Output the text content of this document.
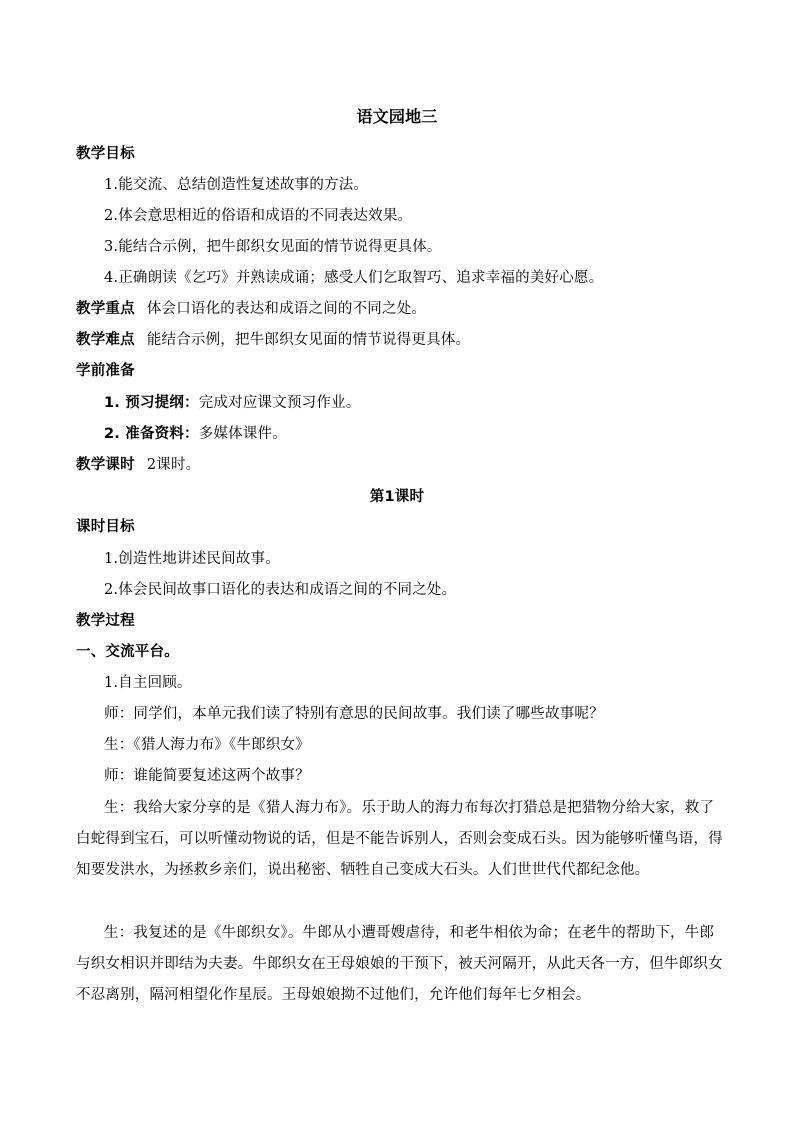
语文园地三
教学目标
1.能交流、总结创造性复述故事的方法。
2.体会意思相近的俗语和成语的不同表达效果。
3.能结合示例，把牛郎织女见面的情节说得更具体。
4.正确朗读《乞巧》并熟读成诵；感受人们乞取智巧、追求幸福的美好心愿。
教学重点 体会口语化的表达和成语之间的不同之处。
教学难点 能结合示例，把牛郎织女见面的情节说得更具体。
学前准备
1. 预习提纲：完成对应课文预习作业。
2. 准备资料：多媒体课件。
教学课时 2课时。
第1课时
课时目标
1.创造性地讲述民间故事。
2.体会民间故事口语化的表达和成语之间的不同之处。
教学过程
一、交流平台。
1.自主回顾。
师：同学们，本单元我们读了特别有意思的民间故事。我们读了哪些故事呢？
生：《猎人海力布》《牛郎织女》
师：谁能简要复述这两个故事？

生：我给大家分享的是《猎人海力布》。乐于助人的海力布每次打猎总是把猎物分给大家，救了白蛇得到宝石，可以听懂动物说的话，但是不能告诉别人，否则会变成石头。因为能够听懂鸟语，得知要发洪水，为拯救乡亲们，说出秘密、牺牲自己变成大石头。人们世世代代都纪念他。

生：我复述的是《牛郎织女》。牛郎从小遭哥嫂虐待，和老牛相依为命；在老牛的帮助下，牛郎与织女相识并即结为夫妻。牛郎织女在王母娘娘的干预下，被天河隔开，从此天各一方，但牛郎织女不忍离别，隔河相望化作星辰。王母娘娘拗不过他们，允许他们每年七夕相会。
